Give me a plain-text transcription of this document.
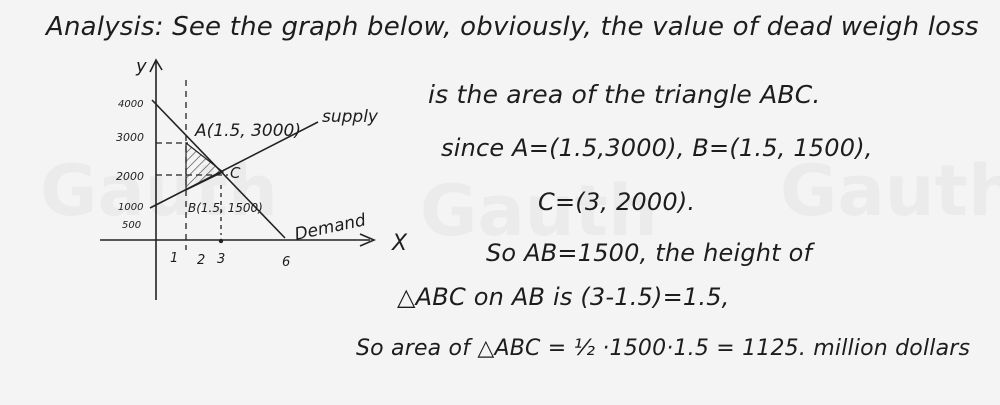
Analysis: See the graph below, obviously, the value of dead weigh loss
y
X
4000
3000
2000
1000
500
1 2 3	6
A(1.5, 3000)
supply
C
B(1.5, 1500)
Demand
is the area of the triangle ABC.
since A=(1.5,3000), B=(1.5, 1500),
C=(3, 2000).
So AB=1500, the height of
△ABC on AB is (3-1.5)=1.5,
So area of △ABC = ½ ·1500·1.5 = 1125. million dollars
